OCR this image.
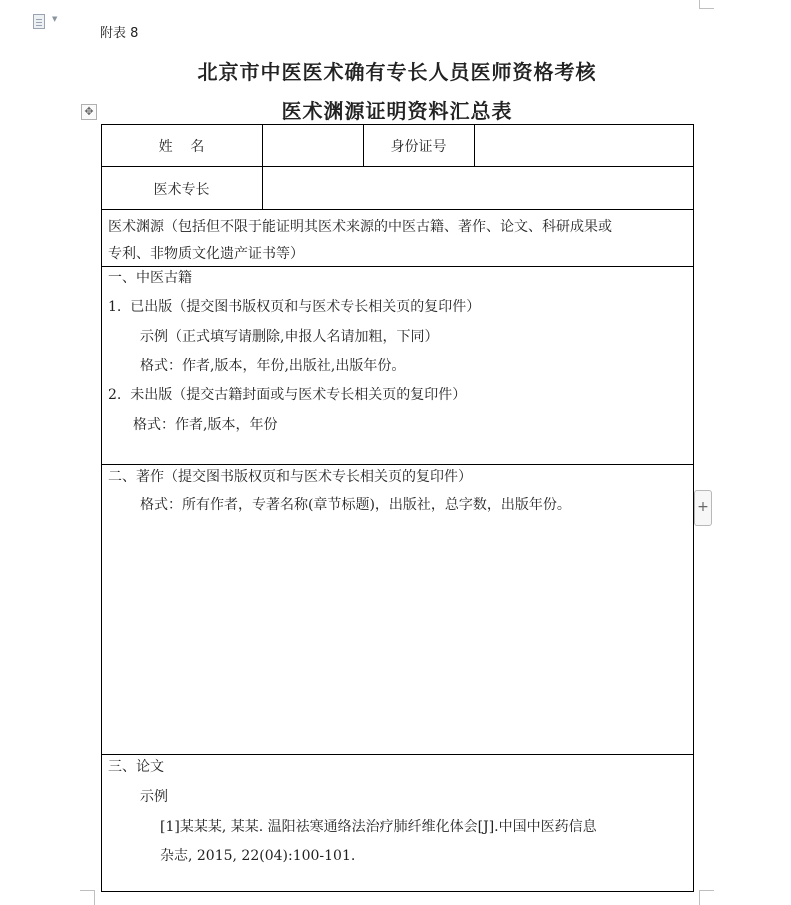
▼
附表 8
北京市中医医术确有专长人员医师资格考核
医术渊源证明资料汇总表
✥
+
姓    名	身份证号
医术专长
医术渊源（包括但不限于能证明其医术来源的中医古籍、著作、论文、科研成果或
专利、非物质文化遗产证书等）
一、中医古籍
1.  已出版（提交图书版权页和与医术专长相关页的复印件）
示例（正式填写请删除,申报人名请加粗，下同）
格式：作者,版本，年份,出版社,出版年份。
2.  未出版（提交古籍封面或与医术专长相关页的复印件）
格式：作者,版本，年份
二、著作（提交图书版权页和与医术专长相关页的复印件）
格式：所有作者，专著名称(章节标题)，出版社，总字数，出版年份。
三、论文
示例
[1]某某某, 某某. 温阳祛寒通络法治疗肺纤维化体会[J].中国中医药信息
杂志, 2015, 22(04):100-101.
